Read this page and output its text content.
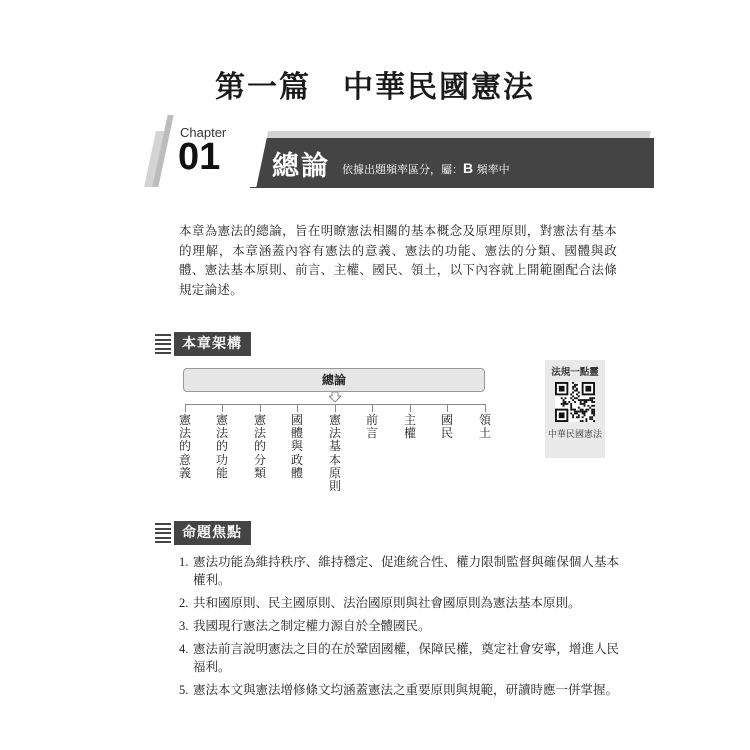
第一篇　中華民國憲法
Chapter
01 總論 依據出題頻率區分，屬：B 頻率中

本章為憲法的總論，旨在明瞭憲法相關的基本概念及原理原則，對憲法有基本的理解，本章涵蓋內容有憲法的意義、憲法的功能、憲法的分類、國體與政體、憲法基本原則、前言、主權、國民、領土，以下內容就上開範圍配合法條規定論述。

本章架構
總論
憲法的意義
憲法的功能
憲法的分類
國體與政體
憲法基本原則
前言
主權
國民
領土
法規一點靈
中華民國憲法
命題焦點
1. 憲法功能為維持秩序、維持穩定、促進統合性、權力限制監督與確保個人基本權利。
2. 共和國原則、民主國原則、法治國原則與社會國原則為憲法基本原則。
3. 我國現行憲法之制定權力源自於全體國民。
4. 憲法前言說明憲法之目的在於鞏固國權，保障民權，奠定社會安寧，增進人民福利。
5. 憲法本文與憲法增修條文均涵蓋憲法之重要原則與規範，研讀時應一併掌握。
